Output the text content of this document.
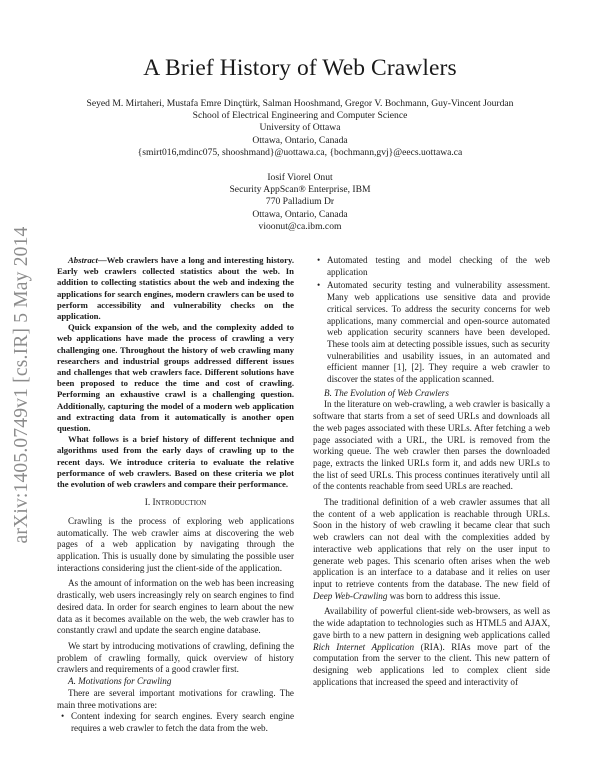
arXiv:1405.0749v1 [cs.IR] 5 May 2014
A Brief History of Web Crawlers
Seyed M. Mirtaheri, Mustafa Emre Dinçtürk, Salman Hooshmand, Gregor V. Bochmann, Guy-Vincent Jourdan
School of Electrical Engineering and Computer Science
University of Ottawa
Ottawa, Ontario, Canada
{smirt016,mdinc075, shooshmand}@uottawa.ca, {bochmann,gvj}@eecs.uottawa.ca
Iosif Viorel Onut
Security AppScan® Enterprise, IBM
770 Palladium Dr
Ottawa, Ontario, Canada
vioonut@ca.ibm.com

Abstract—Web crawlers have a long and interesting history. Early web crawlers collected statistics about the web. In addition to collecting statistics about the web and indexing the applications for search engines, modern crawlers can be used to perform accessibility and vulnerability checks on the application.

Quick expansion of the web, and the complexity added to web applications have made the process of crawling a very challenging one. Throughout the history of web crawling many researchers and industrial groups addressed different issues and challenges that web crawlers face. Different solutions have been proposed to reduce the time and cost of crawling. Performing an exhaustive crawl is a challenging question. Additionally, capturing the model of a modern web application and extracting data from it automatically is another open question.

What follows is a brief history of different technique and algorithms used from the early days of crawling up to the recent days. We introduce criteria to evaluate the relative performance of web crawlers. Based on these criteria we plot the evolution of web crawlers and compare their performance.

I. Introduction

Crawling is the process of exploring web applications automatically. The web crawler aims at discovering the web pages of a web application by navigating through the application. This is usually done by simulating the possible user interactions considering just the client-side of the application.

As the amount of information on the web has been increasing drastically, web users increasingly rely on search engines to find desired data. In order for search engines to learn about the new data as it becomes available on the web, the web crawler has to constantly crawl and update the search engine database.

We start by introducing motivations of crawling, defining the problem of crawling formally, quick overview of history crawlers and requirements of a good crawler first.

A. Motivations for Crawling

There are several important motivations for crawling. The main three motivations are:

• Content indexing for search engines. Every search engine requires a web crawler to fetch the data from the web.
• Automated testing and model checking of the web application
• Automated security testing and vulnerability assessment. Many web applications use sensitive data and provide critical services. To address the security concerns for web applications, many commercial and open-source automated web application security scanners have been developed. These tools aim at detecting possible issues, such as security vulnerabilities and usability issues, in an automated and efficient manner [1], [2]. They require a web crawler to discover the states of the application scanned.

B. The Evolution of Web Crawlers

In the literature on web-crawling, a web crawler is basically a software that starts from a set of seed URLs and downloads all the web pages associated with these URLs. After fetching a web page associated with a URL, the URL is removed from the working queue. The web crawler then parses the downloaded page, extracts the linked URLs form it, and adds new URLs to the list of seed URLs. This process continues iteratively until all of the contents reachable from seed URLs are reached.

The traditional definition of a web crawler assumes that all the content of a web application is reachable through URLs. Soon in the history of web crawling it became clear that such web crawlers can not deal with the complexities added by interactive web applications that rely on the user input to generate web pages. This scenario often arises when the web application is an interface to a database and it relies on user input to retrieve contents from the database. The new field of Deep Web-Crawling was born to address this issue.

Availability of powerful client-side web-browsers, as well as the wide adaptation to technologies such as HTML5 and AJAX, gave birth to a new pattern in designing web applications called Rich Internet Application (RIA). RIAs move part of the computation from the server to the client. This new pattern of designing web applications led to complex client side applications that increased the speed and interactivity of
